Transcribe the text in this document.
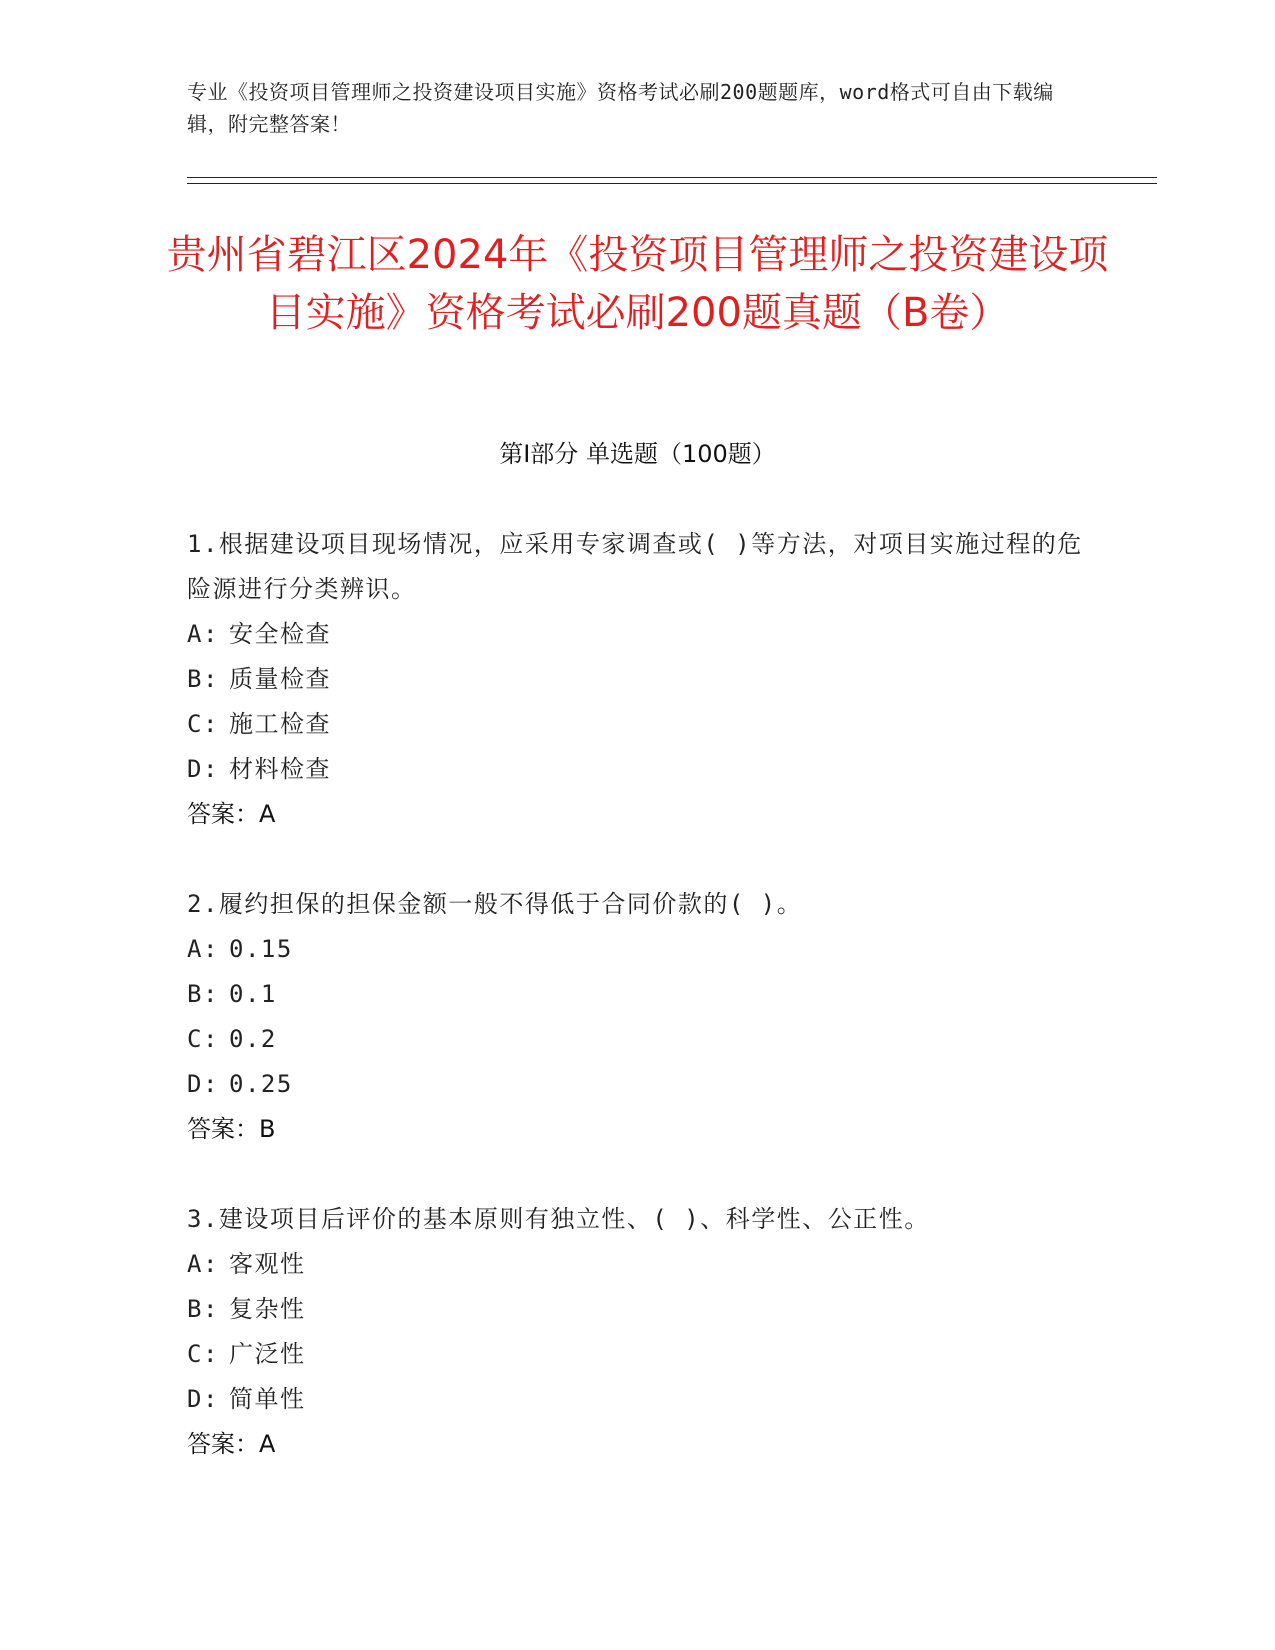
专业《投资项目管理师之投资建设项目实施》资格考试必刷200题题库，word格式可自由下载编辑，附完整答案！
贵州省碧江区2024年《投资项目管理师之投资建设项目实施》资格考试必刷200题真题（B卷）
第I部分 单选题（100题）
1.根据建设项目现场情况，应采用专家调查或( )等方法，对项目实施过程的危险源进行分类辨识。
A: 安全检查
B: 质量检查
C: 施工检查
D: 材料检查
答案：A
2.履约担保的担保金额一般不得低于合同价款的( )。
A: 0.15
B: 0.1
C: 0.2
D: 0.25
答案：B
3.建设项目后评价的基本原则有独立性、( )、科学性、公正性。
A: 客观性
B: 复杂性
C: 广泛性
D: 简单性
答案：A
